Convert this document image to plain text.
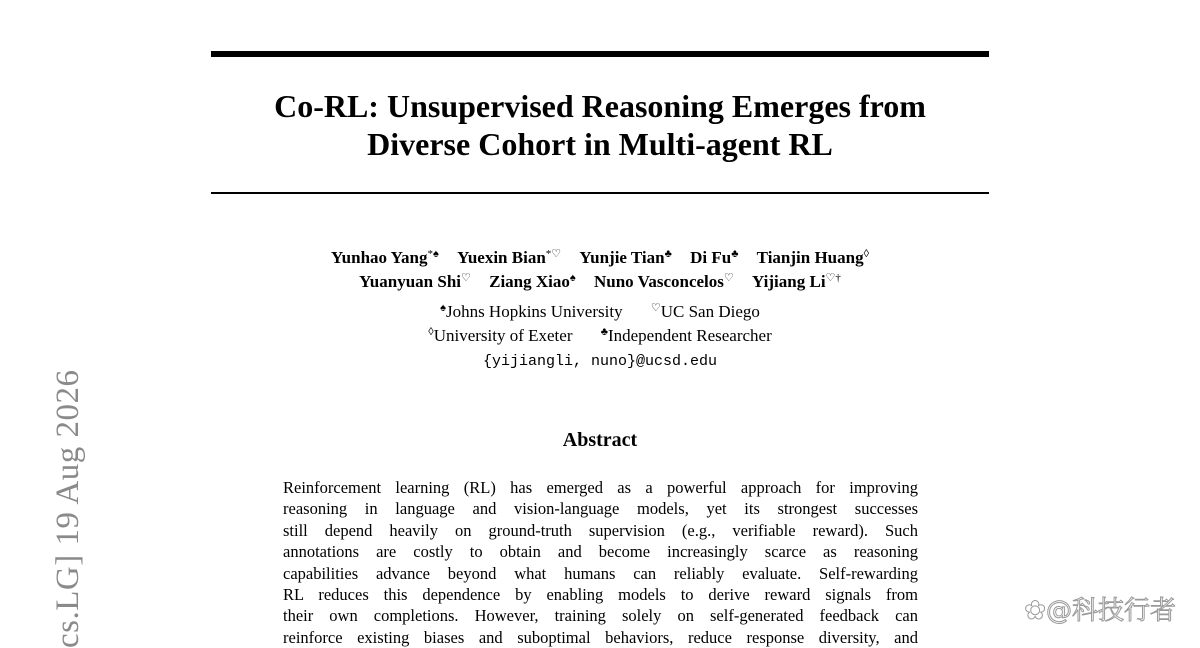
Co-RL: Unsupervised Reasoning Emerges from
Diverse Cohort in Multi-agent RL
Yunhao Yang*♠ Yuexin Bian*♡ Yunjie Tian♣ Di Fu♣ Tianjin Huang◊
Yuanyuan Shi♡ Ziang Xiao♠ Nuno Vasconcelos♡ Yijiang Li♡†
♠Johns Hopkins University	♡UC San Diego
◊University of Exeter	♣Independent Researcher
{yijiangli, nuno}@ucsd.edu
Abstract
Reinforcement learning (RL) has emerged as a powerful approach for improving
reasoning in language and vision-language models, yet its strongest successes
still depend heavily on ground-truth supervision (e.g., verifiable reward). Such
annotations are costly to obtain and become increasingly scarce as reasoning
capabilities advance beyond what humans can reliably evaluate. Self-rewarding
RL reduces this dependence by enabling models to derive reward signals from
their own completions. However, training solely on self-generated feedback can
reinforce existing biases and suboptimal behaviors, reduce response diversity, and
cs.LG] 19 Aug 2026	✿@科技行者
